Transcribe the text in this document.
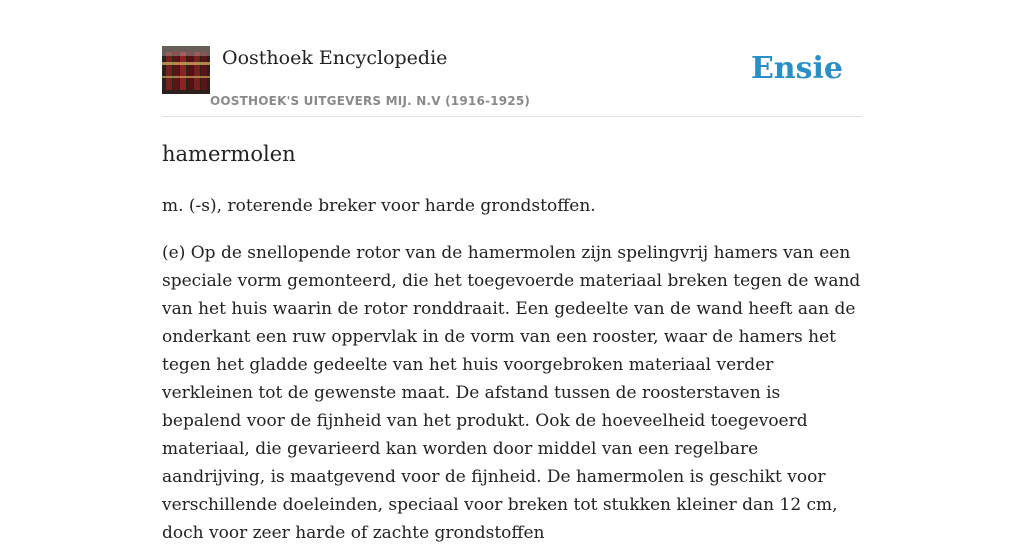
Oosthoek Encyclopedie
OOSTHOEK'S UITGEVERS MIJ. N.V (1916-1925)
Ensie
hamermolen

m. (-s), roterende breker voor harde grondstoffen.

(e) Op de snellopende rotor van de hamermolen zijn spelingvrij hamers van een speciale vorm gemonteerd, die het toegevoerde materiaal breken tegen de wand van het huis waarin de rotor ronddraait. Een gedeelte van de wand heeft aan de onderkant een ruw oppervlak in de vorm van een rooster, waar de hamers het tegen het gladde gedeelte van het huis voorgebroken materiaal verder verkleinen tot de gewenste maat. De afstand tussen de roosterstaven is bepalend voor de fijnheid van het produkt. Ook de hoeveelheid toegevoerd materiaal, die gevarieerd kan worden door middel van een regelbare aandrijving, is maatgevend voor de fijnheid. De hamermolen is geschikt voor verschillende doeleinden, speciaal voor breken tot stukken kleiner dan 12 cm, doch voor zeer harde of zachte grondstoffen
